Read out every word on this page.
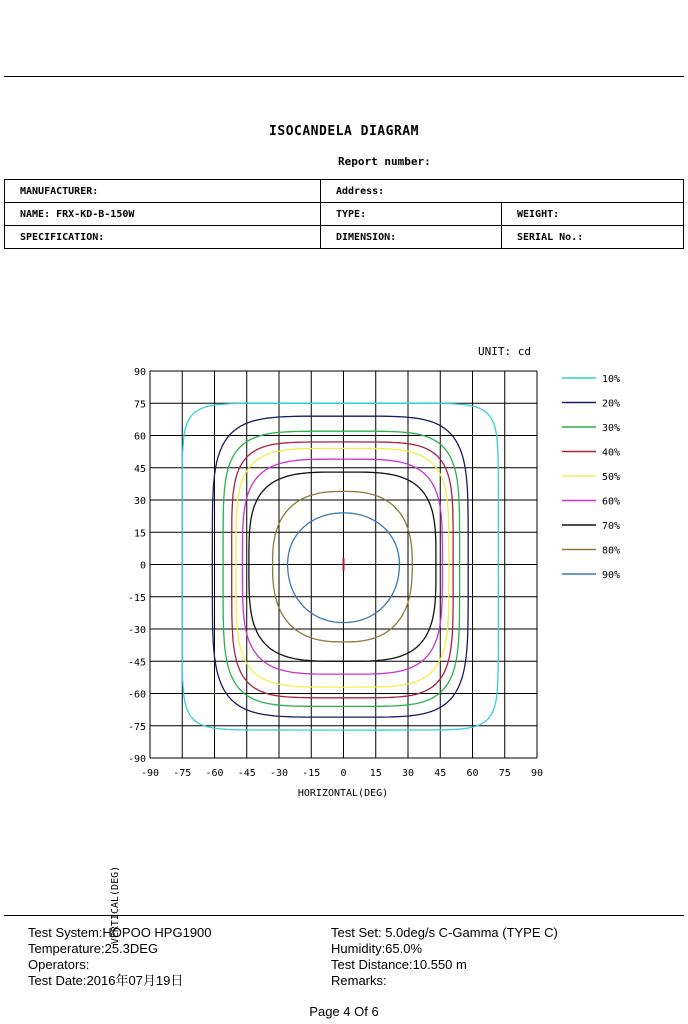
ISOCANDELA DIAGRAM
Report number:
MANUFACTURER:	Address:	
NAME: FRX-KD-B-150W	TYPE:	WEIGHT:
SPECIFICATION:	DIMENSION:	SERIAL No.:
UNIT: cd
-90 -75 -60 -45 -30 -15 0 15 30 45 60 75 90
90
75
60
45
30
15
0
-15
-30
-45
-60
-75
-90
10%
20%
30%
40%
50%
60%
70%
80%
90%
HORIZONTAL(DEG)
VERTICAL(DEG)
Test System:HOPOO HPG1900
Temperature:25.3DEG
Operators:
Test Date:2016年07月19日
Test Set: 5.0deg/s C-Gamma (TYPE C)
Humidity:65.0%
Test Distance:10.550 m
Remarks:
Page 4 Of 6
